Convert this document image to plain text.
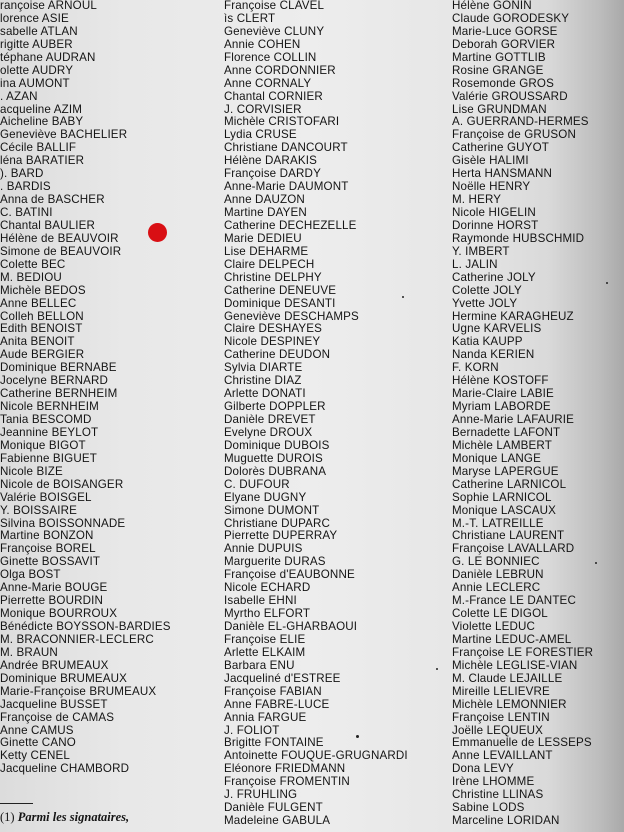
rançoise ARNOUL
lorence ASIE
sabelle ATLAN
rigitte AUBER
téphane AUDRAN
olette AUDRY
ina AUMONT
. AZAN
acqueline AZIM
Aicheline BABY
Geneviève BACHELIER
Cécile BALLIF
léna BARATIER
). BARD
. BARDIS
Anna de BASCHER
C. BATINI
Chantal BAULIER
Hélène de BEAUVOIR
Simone de BEAUVOIR
Colette BEC
M. BEDIOU
Michèle BEDOS
Anne BELLEC
Colleh BELLON
Edith BENOIST
Anita BENOIT
Aude BERGIER
Dominique BERNABE
Jocelyne BERNARD
Catherine BERNHEIM
Nicole BERNHEIM
Tania BESCOMD
Jeannine BEYLOT
Monique BIGOT
Fabienne BIGUET
Nicole BIZE
Nicole de BOISANGER
Valérie BOISGEL
Y. BOISSAIRE
Silvina BOISSONNADE
Martine BONZON
Françoise BOREL
Ginette BOSSAVIT
Olga BOST
Anne-Marie BOUGE
Pierrette BOURDIN
Monique BOURROUX
Bénédicte BOYSSON-BARDIES
M. BRACONNIER-LECLERC
M. BRAUN
Andrée BRUMEAUX
Dominique BRUMEAUX
Marie-Françoise BRUMEAUX
Jacqueline BUSSET
Françoise de CAMAS
Anne CAMUS
Ginette CANO
Ketty CENEL
Jacqueline CHAMBORD
Françoise CLAVEL
ìs CLERT
Geneviève CLUNY
Annie COHEN
Florence COLLIN
Anne CORDONNIER
Anne CORNALY
Chantal CORNIER
J. CORVISIER
Michèle CRISTOFARI
Lydia CRUSE
Christiane DANCOURT
Hélène DARAKIS
Françoise DARDY
Anne-Marie DAUMONT
Anne DAUZON
Martine DAYEN
Catherine DECHEZELLE
Marie DEDIEU
Lise DEHARME
Claire DELPECH
Christine DELPHY
Catherine DENEUVE
Dominique DESANTI
Geneviève DESCHAMPS
Claire DESHAYES
Nicole DESPINEY
Catherine DEUDON
Sylvia DIARTE
Christine DIAZ
Arlette DONATI
Gilberte DOPPLER
Danièle DREVET
Evelyne DROUX
Dominique DUBOIS
Muguette DUROIS
Dolorès DUBRANA
C. DUFOUR
Elyane DUGNY
Simone DUMONT
Christiane DUPARC
Pierrette DUPERRAY
Annie DUPUIS
Marguerite DURAS
Françoise d'EAUBONNE
Nicole ECHARD
Isabelle EHNI
Myrtho ELFORT
Danièle EL-GHARBAOUI
Françoise ELIE
Arlette ELKAIM
Barbara ENU
Jacqueliné d'ESTREE
Françoise FABIAN
Anne FABRE-LUCE
Annia FARGUE
J. FOLIOT
Brigitte FONTAINE
Antoinette FOUQUE-GRUGNARDI
Eléonore FRIEDMANN
Françoise FROMENTIN
J. FRUHLING
Danièle FULGENT
Madeleine GABULA
Hélène GONIN
Claude GORODESKY
Marie-Luce GORSE
Deborah GORVIER
Martine GOTTLIB
Rosine GRANGE
Rosemonde GROS
Valérie GROUSSARD
Lise GRUNDMAN
A. GUERRAND-HERMES
Françoise de GRUSON
Catherine GUYOT
Gisèle HALIMI
Herta HANSMANN
Noëlle HENRY
M. HERY
Nicole HIGELIN
Dorinne HORST
Raymonde HUBSCHMID
Y. IMBERT
L. JALIN
Catherine JOLY
Colette JOLY
Yvette JOLY
Hermine KARAGHEUZ
Ugne KARVELIS
Katia KAUPP
Nanda KERIEN
F. KORN
Hélène KOSTOFF
Marie-Claire LABIE
Myriam LABORDE
Anne-Marie LAFAURIE
Bernadette LAFONT
Michèle LAMBERT
Monique LANGE
Maryse LAPERGUE
Catherine LARNICOL
Sophie LARNICOL
Monique LASCAUX
M.-T. LATREILLE
Christiane LAURENT
Françoise LAVALLARD
G. LE BONNIEC
Danièle LEBRUN
Annie LECLERC
M.-France LE DANTEC
Colette LE DIGOL
Violette LEDUC
Martine LEDUC-AMEL
Françoise LE FORESTIER
Michèle LEGLISE-VIAN
M. Claude LEJAILLE
Mireille LELIEVRE
Michèle LEMONNIER
Françoise LENTIN
Joëlle LEQUEUX
Emmanuelle de LESSEPS
Anne LEVAILLANT
Dona LEVY
Irène LHOMME
Christine LLINAS
Sabine LODS
Marceline LORIDAN
(1) Parmi les signataires,
